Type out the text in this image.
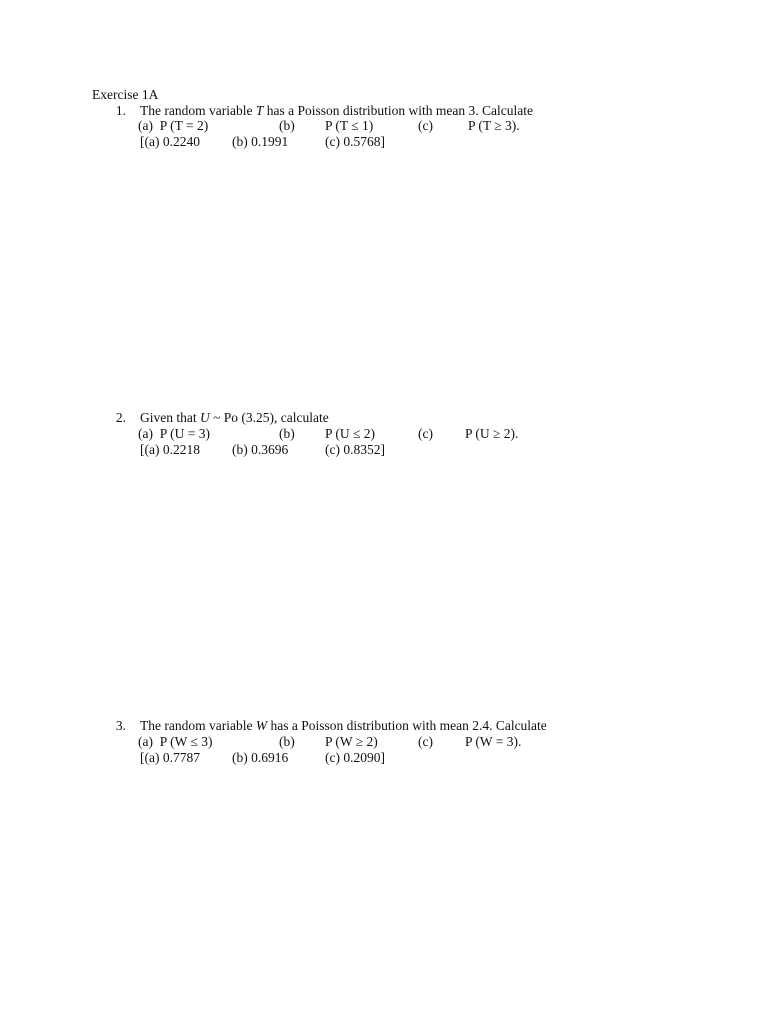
Exercise 1A
1. The random variable T has a Poisson distribution with mean 3. Calculate
(a) P (T = 2)	(b) P (T ≤ 1)	(c)	P (T ≥ 3).
[(a) 0.2240 (b) 0.1991	(c) 0.5768]
2. Given that U ~ Po (3.25), calculate
(a) P (U = 3)	(b) P (U ≤ 2)	(c) P (U ≥ 2).
[(a) 0.2218 (b) 0.3696	(c) 0.8352]
3. The random variable W has a Poisson distribution with mean 2.4. Calculate
(a) P (W ≤ 3)	(b) P (W ≥ 2)	(c) P (W = 3).
[(a) 0.7787 (b) 0.6916	(c) 0.2090]
